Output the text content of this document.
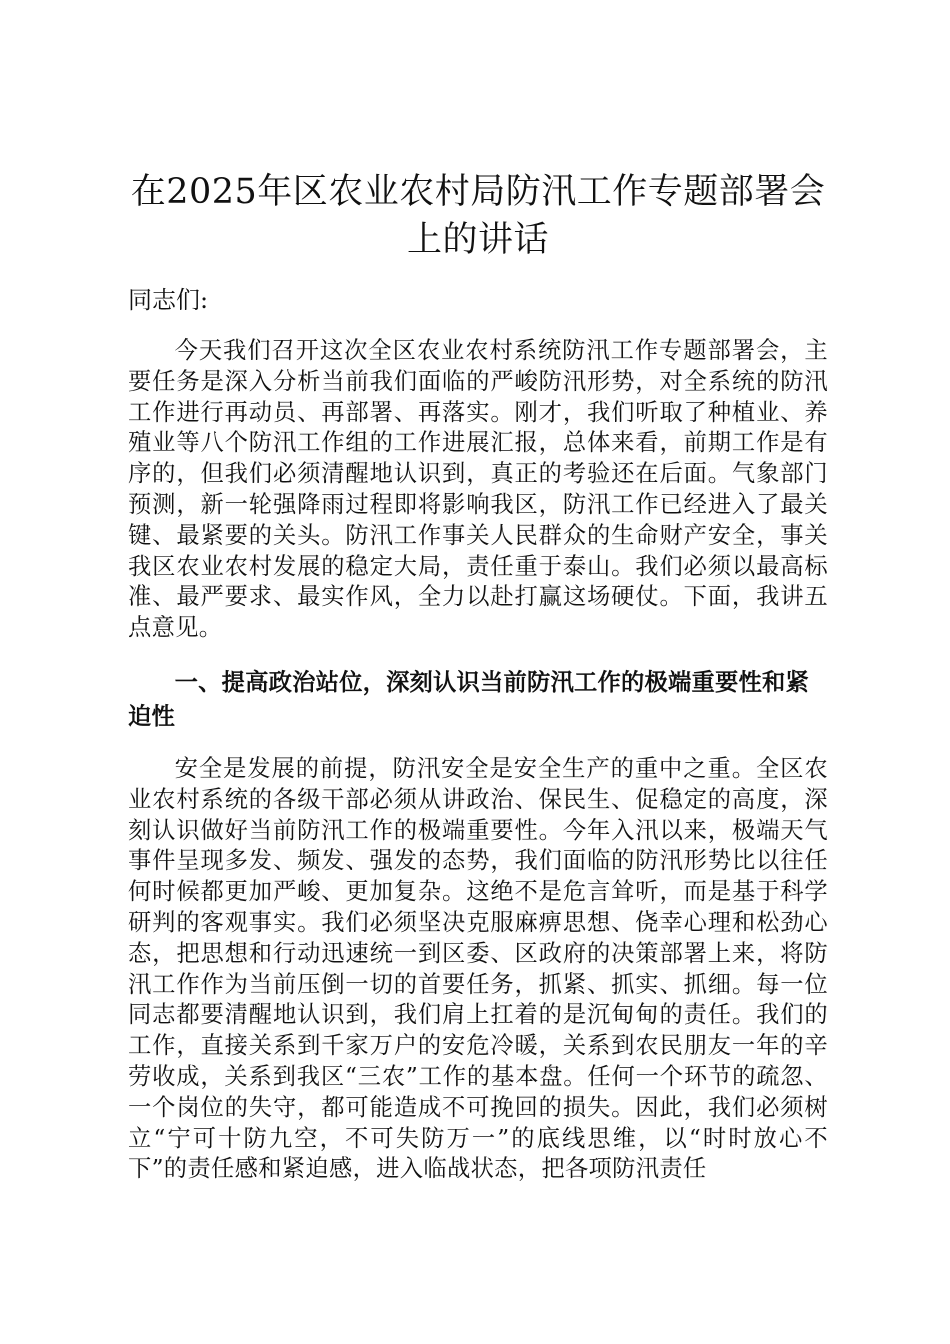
在2025年区农业农村局防汛工作专题部署会上的讲话

同志们:

今天我们召开这次全区农业农村系统防汛工作专题部署会，主要任务是深入分析当前我们面临的严峻防汛形势，对全系统的防汛工作进行再动员、再部署、再落实。刚才，我们听取了种植业、养殖业等八个防汛工作组的工作进展汇报，总体来看，前期工作是有序的，但我们必须清醒地认识到，真正的考验还在后面。气象部门预测，新一轮强降雨过程即将影响我区，防汛工作已经进入了最关键、最紧要的关头。防汛工作事关人民群众的生命财产安全，事关我区农业农村发展的稳定大局，责任重于泰山。我们必须以最高标准、最严要求、最实作风，全力以赴打赢这场硬仗。下面，我讲五点意见。

一、提高政治站位，深刻认识当前防汛工作的极端重要性和紧迫性

安全是发展的前提，防汛安全是安全生产的重中之重。全区农业农村系统的各级干部必须从讲政治、保民生、促稳定的高度，深刻认识做好当前防汛工作的极端重要性。今年入汛以来，极端天气事件呈现多发、频发、强发的态势，我们面临的防汛形势比以往任何时候都更加严峻、更加复杂。这绝不是危言耸听，而是基于科学研判的客观事实。我们必须坚决克服麻痹思想、侥幸心理和松劲心态，把思想和行动迅速统一到区委、区政府的决策部署上来，将防汛工作作为当前压倒一切的首要任务，抓紧、抓实、抓细。每一位同志都要清醒地认识到，我们肩上扛着的是沉甸甸的责任。我们的工作，直接关系到千家万户的安危冷暖，关系到农民朋友一年的辛劳收成，关系到我区“三农”工作的基本盘。任何一个环节的疏忽、一个岗位的失守，都可能造成不可挽回的损失。因此，我们必须树立“宁可十防九空，不可失防万一”的底线思维，以“时时放心不下”的责任感和紧迫感，进入临战状态，把各项防汛责任
